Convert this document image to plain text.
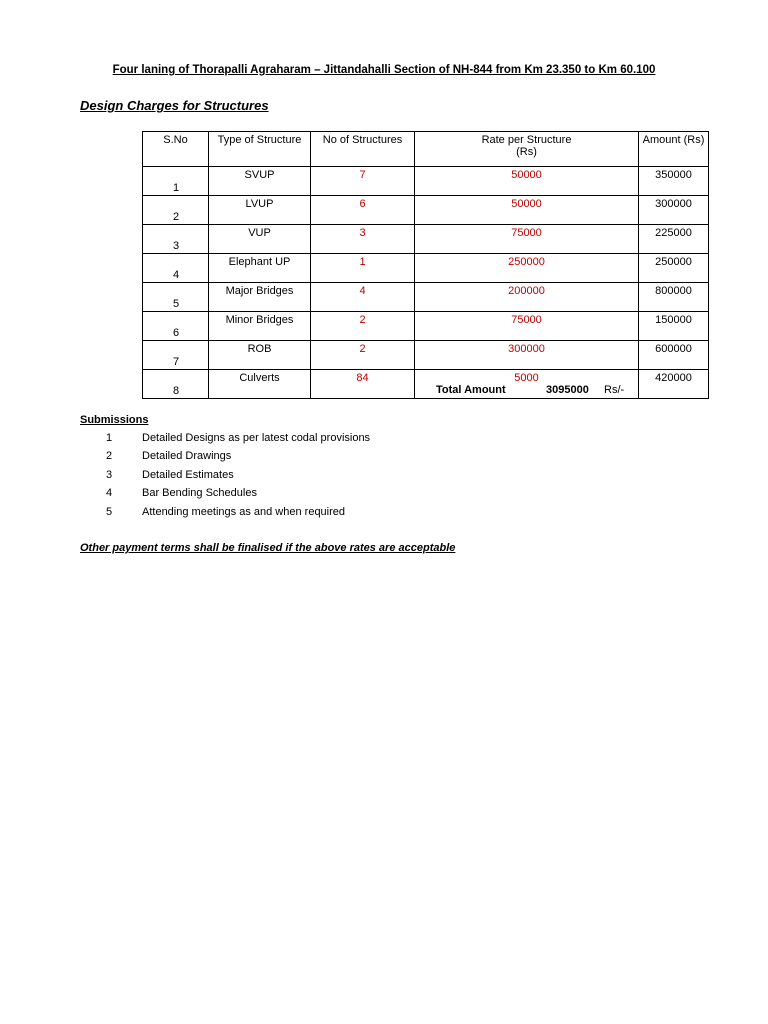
Four laning of Thorapalli Agraharam – Jittandahalli Section of NH-844 from Km 23.350 to Km 60.100
Design Charges for Structures
S.No	Type of Structure	No of Structures	Rate per Structure (Rs)	Amount (Rs)
1	SVUP	7	50000	350000
2	LVUP	6	50000	300000
3	VUP	3	75000	225000
4	Elephant UP	1	250000	250000
5	Major Bridges	4	200000	800000
6	Minor Bridges	2	75000	150000
7	ROB	2	300000	600000
8	Culverts	84	5000	420000
Total Amount	3095000 Rs/-
Submissions
1	Detailed Designs as per latest codal provisions
2	Detailed Drawings
3	Detailed Estimates
4	Bar Bending Schedules
5	Attending meetings as and when required
Other payment terms shall be finalised if the above rates are acceptable
